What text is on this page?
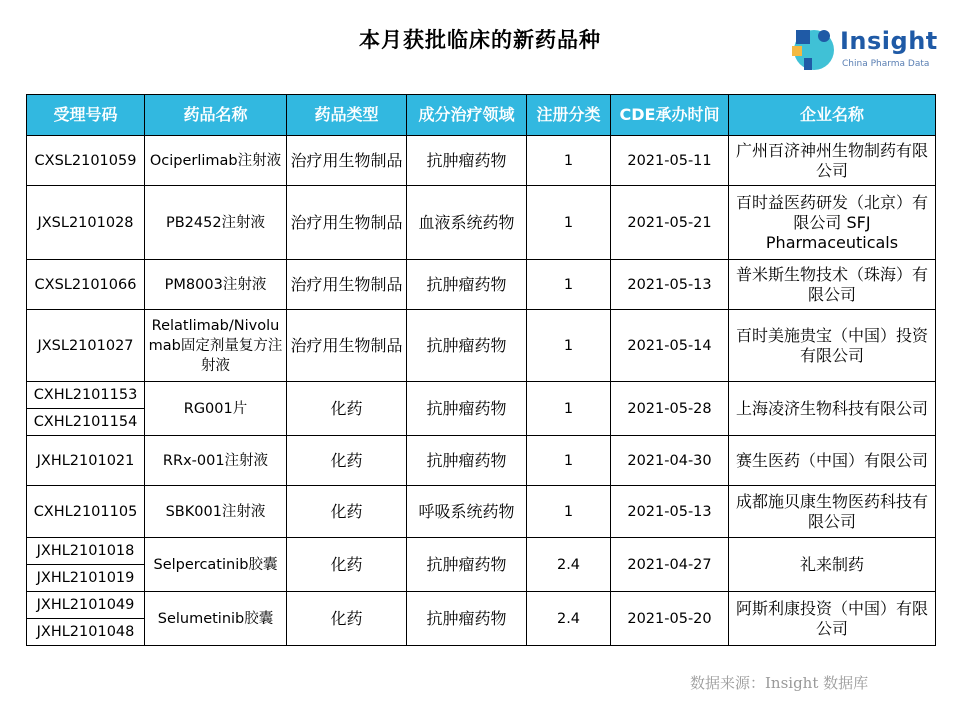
本月获批临床的新药品种	Insight
China Pharma Data
受理号码	药品名称	药品类型	成分治疗领域	注册分类	CDE承办时间	企业名称
CXSL2101059	Ociperlimab注射液	治疗用生物制品	抗肿瘤药物	1	2021-05-11	广州百济神州生物制药有限公司
JXSL2101028	PB2452注射液	治疗用生物制品	血液系统药物	1	2021-05-21	百时益医药研发（北京）有限公司 SFJ Pharmaceuticals
CXSL2101066	PM8003注射液	治疗用生物制品	抗肿瘤药物	1	2021-05-13	普米斯生物技术（珠海）有限公司
JXSL2101027	Relatlimab/Nivolumab固定剂量复方注射液	治疗用生物制品	抗肿瘤药物	1	2021-05-14	百时美施贵宝（中国）投资有限公司
CXHL2101153	RG001片	化药	抗肿瘤药物	1	2021-05-28	上海凌济生物科技有限公司
CXHL2101154						
JXHL2101021	RRx-001注射液	化药	抗肿瘤药物	1	2021-04-30	赛生医药（中国）有限公司
CXHL2101105	SBK001注射液	化药	呼吸系统药物	1	2021-05-13	成都施贝康生物医药科技有限公司
JXHL2101018	Selpercatinib胶囊	化药	抗肿瘤药物	2.4	2021-04-27	礼来制药
JXHL2101019						
JXHL2101049	Selumetinib胶囊	化药	抗肿瘤药物	2.4	2021-05-20	阿斯利康投资（中国）有限公司
JXHL2101048						
数据来源：Insight 数据库
